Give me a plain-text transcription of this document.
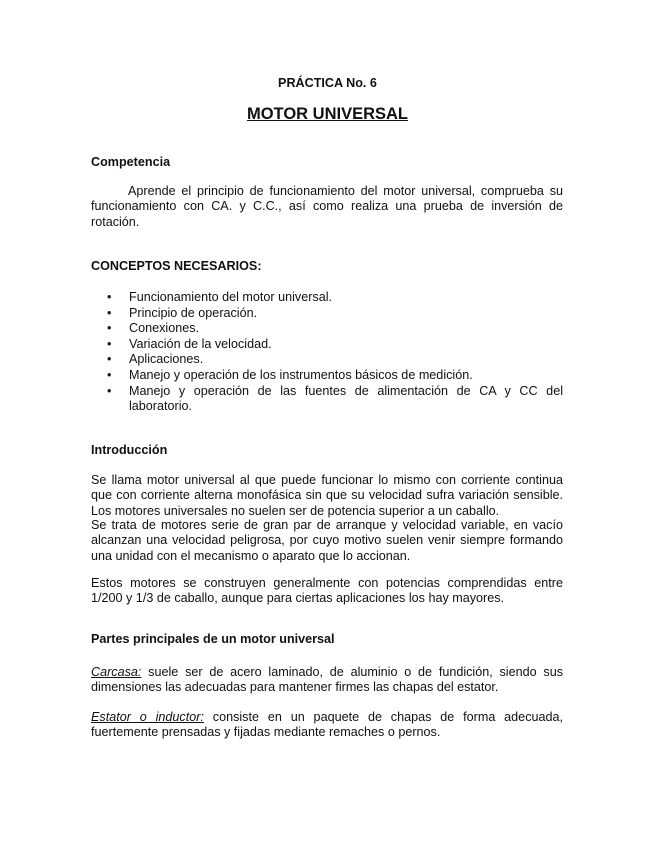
PRÁCTICA No. 6
MOTOR UNIVERSAL
Competencia

Aprende el principio de funcionamiento del motor universal, comprueba su funcionamiento con CA. y C.C., así como realiza una prueba de inversión de rotación.

CONCEPTOS NECESARIOS:
• Funcionamiento del motor universal.
• Principio de operación.
• Conexiones.
• Variación de la velocidad.
• Aplicaciones.
• Manejo y operación de los instrumentos básicos de medición.
• Manejo y operación de las fuentes de alimentación de CA y CC del laboratorio.
Introducción

Se llama motor universal al que puede funcionar lo mismo con corriente continua que con corriente alterna monofásica sin que su velocidad sufra variación sensible. Los motores universales no suelen ser de potencia superior a un caballo.

Se trata de motores serie de gran par de arranque y velocidad variable, en vacío alcanzan una velocidad peligrosa, por cuyo motivo suelen venir siempre formando una unidad con el mecanismo o aparato que lo accionan.

Estos motores se construyen generalmente con potencias comprendidas entre 1/200 y 1/3 de caballo, aunque para ciertas aplicaciones los hay mayores.

Partes principales de un motor universal

Carcasa: suele ser de acero laminado, de aluminio o de fundición, siendo sus dimensiones las adecuadas para mantener firmes las chapas del estator.

Estator o inductor: consiste en un paquete de chapas de forma adecuada, fuertemente prensadas y fijadas mediante remaches o pernos.
